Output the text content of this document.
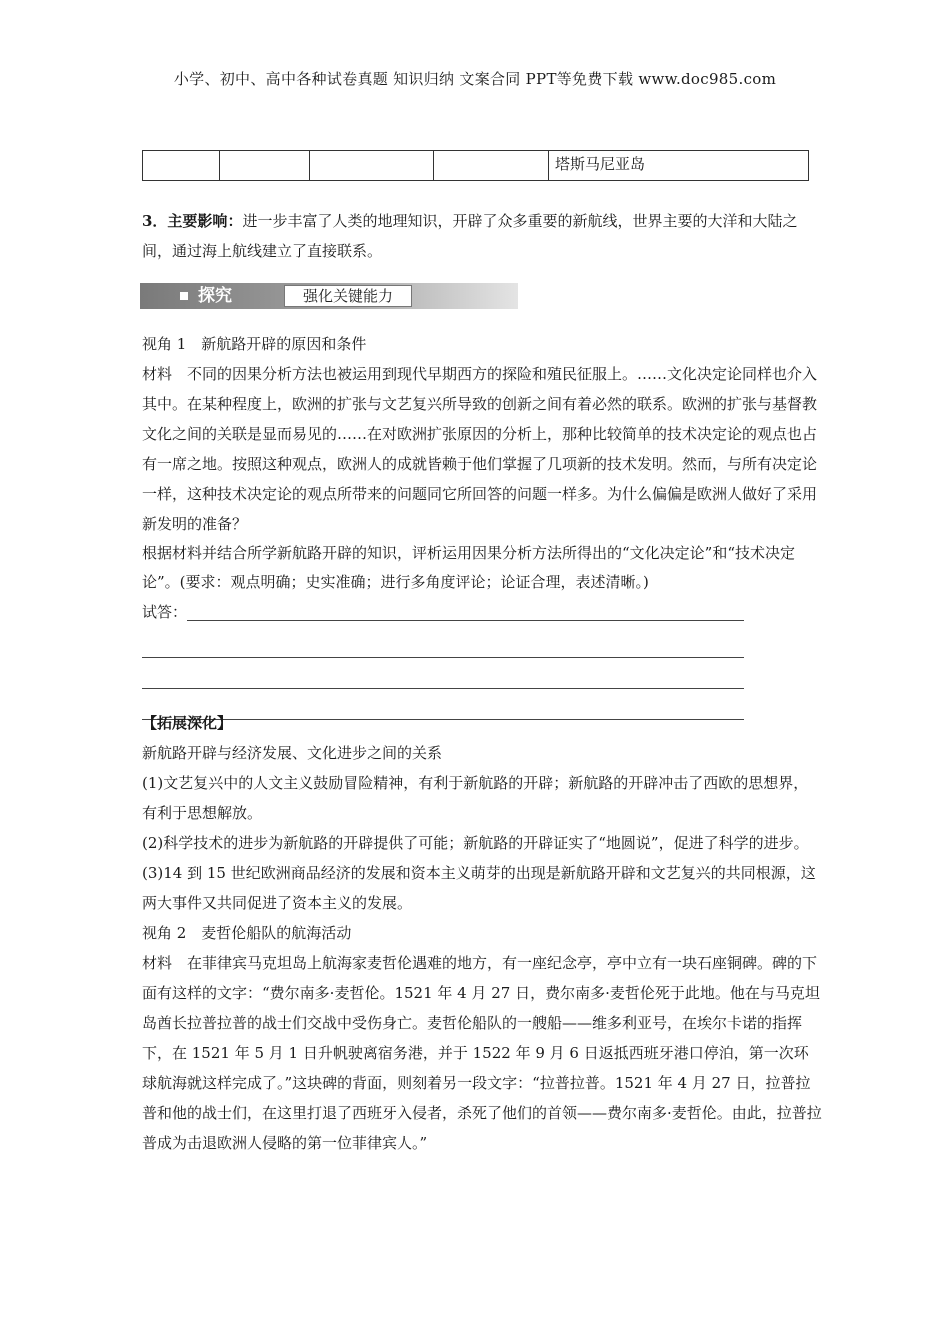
小学、初中、高中各种试卷真题 知识归纳 文案合同 PPT等免费下载 www.doc985.com
				塔斯马尼亚岛

3．主要影响：进一步丰富了人类的地理知识，开辟了众多重要的新航线，世界主要的大洋和大陆之间，通过海上航线建立了直接联系。

探究	强化关键能力

视角 1　新航路开辟的原因和条件

材料　不同的因果分析方法也被运用到现代早期西方的探险和殖民征服上。……文化决定论同样也介入其中。在某种程度上，欧洲的扩张与文艺复兴所导致的创新之间有着必然的联系。欧洲的扩张与基督教文化之间的关联是显而易见的……在对欧洲扩张原因的分析上，那种比较简单的技术决定论的观点也占有一席之地。按照这种观点，欧洲人的成就皆赖于他们掌握了几项新的技术发明。然而，与所有决定论一样，这种技术决定论的观点所带来的问题同它所回答的问题一样多。为什么偏偏是欧洲人做好了采用新发明的准备？

根据材料并结合所学新航路开辟的知识，评析运用因果分析方法所得出的“文化决定论”和“技术决定论”。(要求：观点明确；史实准确；进行多角度评论；论证合理，表述清晰。)

试答：

【拓展深化】

新航路开辟与经济发展、文化进步之间的关系

(1)文艺复兴中的人文主义鼓励冒险精神，有利于新航路的开辟；新航路的开辟冲击了西欧的思想界，有利于思想解放。

(2)科学技术的进步为新航路的开辟提供了可能；新航路的开辟证实了“地圆说”，促进了科学的进步。

(3)14 到 15 世纪欧洲商品经济的发展和资本主义萌芽的出现是新航路开辟和文艺复兴的共同根源，这两大事件又共同促进了资本主义的发展。

视角 2　麦哲伦船队的航海活动

材料　在菲律宾马克坦岛上航海家麦哲伦遇难的地方，有一座纪念亭，亭中立有一块石座铜碑。碑的下面有这样的文字：“费尔南多·麦哲伦。1521 年 4 月 27 日，费尔南多·麦哲伦死于此地。他在与马克坦岛酋长拉普拉普的战士们交战中受伤身亡。麦哲伦船队的一艘船——维多利亚号，在埃尔卡诺的指挥下，在 1521 年 5 月 1 日升帆驶离宿务港，并于 1522 年 9 月 6 日返抵西班牙港口停泊，第一次环球航海就这样完成了。”这块碑的背面，则刻着另一段文字：“拉普拉普。1521 年 4 月 27 日，拉普拉普和他的战士们，在这里打退了西班牙入侵者，杀死了他们的首领——费尔南多·麦哲伦。由此，拉普拉普成为击退欧洲人侵略的第一位菲律宾人。”
